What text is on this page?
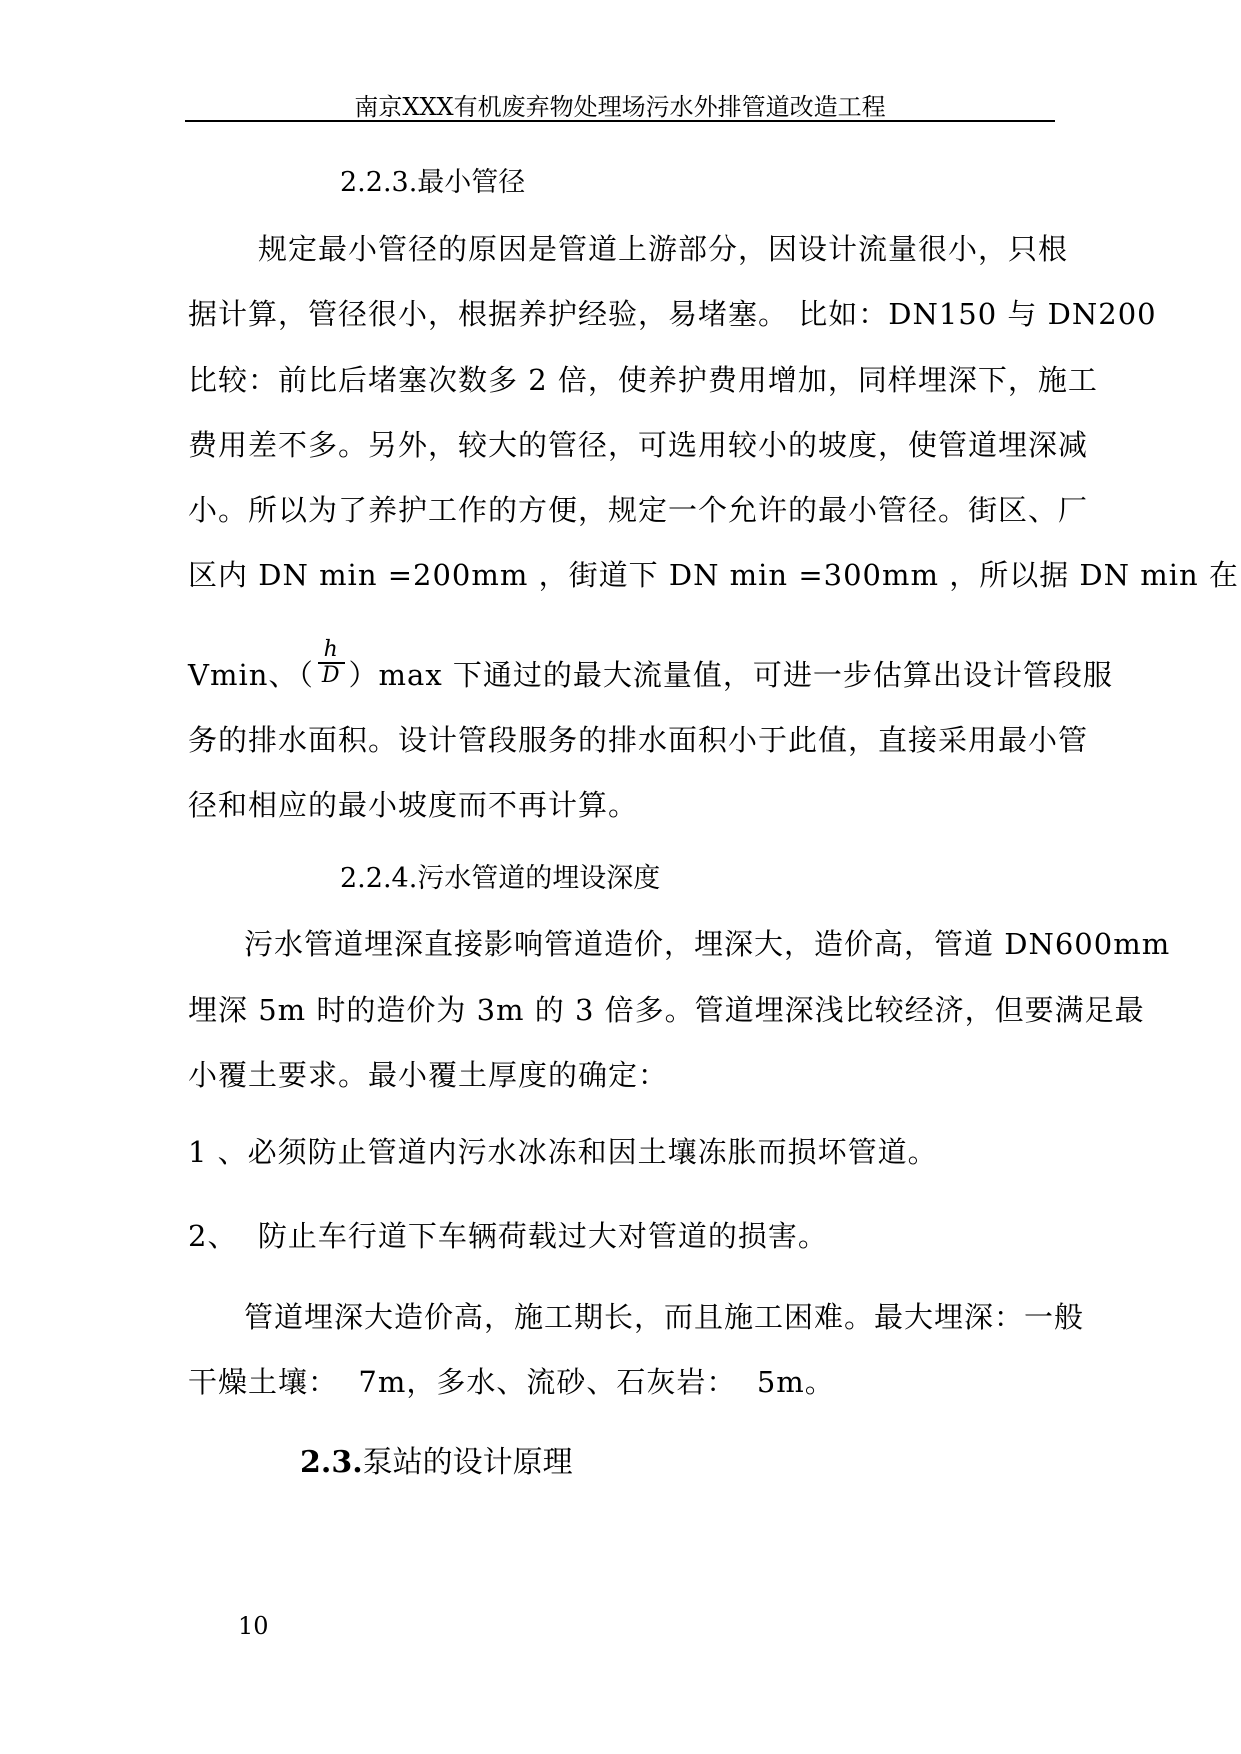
南京XXX有机废弃物处理场污水外排管道改造工程
2.2.3.最小管径
规定最小管径的原因是管道上游部分，因设计流量很小，只根
据计算，管径很小，根据养护经验，易堵塞。 比如：DN150 与 DN200
比较：前比后堵塞次数多 2 倍，使养护费用增加，同样埋深下，施工
费用差不多。另外，较大的管径，可选用较小的坡度，使管道埋深减
小。所以为了养护工作的方便，规定一个允许的最小管径。街区、厂
区内 DN min =200mm ，街道下 DN min =300mm ，所以据 DN min 在
Vmin、（ $\frac{h}{D} )\max$ 下通过的最大流量值，可进一步估算出设计管段服
务的排水面积。设计管段服务的排水面积小于此值，直接采用最小管
径和相应的最小坡度而不再计算。
2.2.4.污水管道的埋设深度
污水管道埋深直接影响管道造价，埋深大，造价高，管道 DN600mm
埋深 5m 时的造价为 3m 的 3 倍多。管道埋深浅比较经济，但要满足最
小覆土要求。最小覆土厚度的确定：
1 、必须防止管道内污水冰冻和因土壤冻胀而损坏管道。
2、  防止车行道下车辆荷载过大对管道的损害。
管道埋深大造价高，施工期长，而且施工困难。最大埋深：一般
干燥土壤：  7m，多水、流砂、石灰岩：  5m。
2.3.泵站的设计原理
10
